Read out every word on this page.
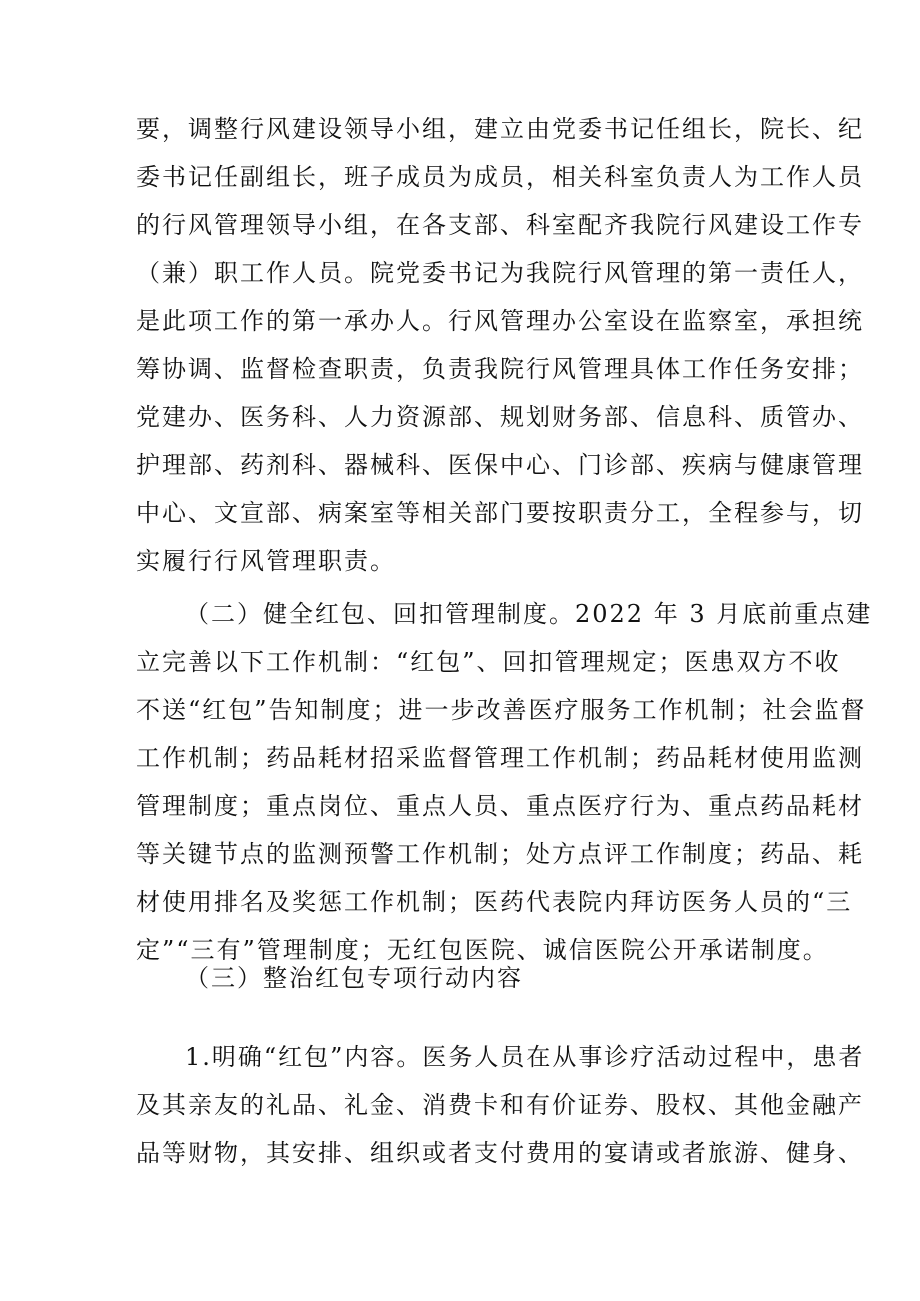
要，调整行风建设领导小组，建立由党委书记任组长，院长、纪
委书记任副组长，班子成员为成员，相关科室负责人为工作人员
的行风管理领导小组，在各支部、科室配齐我院行风建设工作专
（兼）职工作人员。院党委书记为我院行风管理的第一责任人，
是此项工作的第一承办人。行风管理办公室设在监察室，承担统
筹协调、监督检查职责，负责我院行风管理具体工作任务安排；
党建办、医务科、人力资源部、规划财务部、信息科、质管办、
护理部、药剂科、器械科、医保中心、门诊部、疾病与健康管理
中心、文宣部、病案室等相关部门要按职责分工，全程参与，切
实履行行风管理职责。
（二）健全红包、回扣管理制度。2022 年 3 月底前重点建
立完善以下工作机制：“红包”、回扣管理规定；医患双方不收
不送“红包”告知制度；进一步改善医疗服务工作机制；社会监督
工作机制；药品耗材招采监督管理工作机制；药品耗材使用监测
管理制度；重点岗位、重点人员、重点医疗行为、重点药品耗材
等关键节点的监测预警工作机制；处方点评工作制度；药品、耗
材使用排名及奖惩工作机制；医药代表院内拜访医务人员的“三
定”“三有”管理制度；无红包医院、诚信医院公开承诺制度。
（三）整治红包专项行动内容
1.明确“红包”内容。医务人员在从事诊疗活动过程中，患者
及其亲友的礼品、礼金、消费卡和有价证券、股权、其他金融产
品等财物，其安排、组织或者支付费用的宴请或者旅游、健身、
